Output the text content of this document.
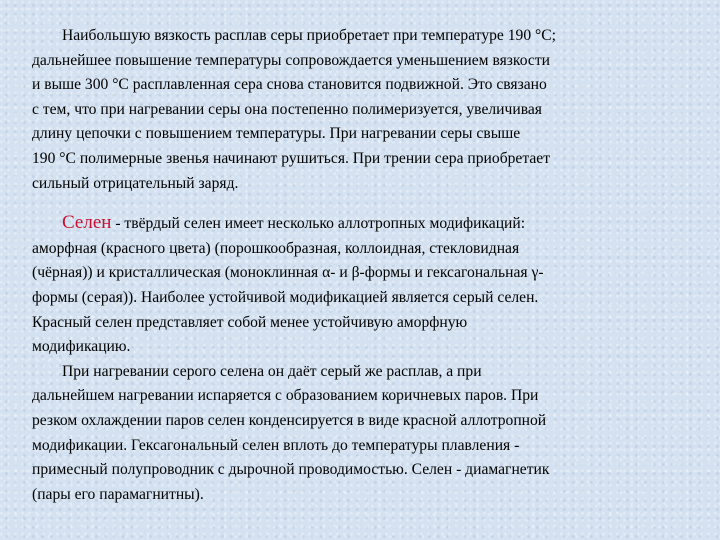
Наибольшую вязкость расплав серы приобретает при температуре 190 °C;
дальнейшее повышение температуры сопровождается уменьшением вязкости
и выше 300 °C расплавленная сера снова становится подвижной. Это связано
с тем, что при нагревании серы она постепенно полимеризуется, увеличивая
длину цепочки с повышением температуры. При нагревании серы свыше
190 °C полимерные звенья начинают рушиться. При трении сера приобретает
сильный отрицательный заряд.

Селен - твёрдый селен имеет несколько аллотропных модификаций:
аморфная (красного цвета) (порошкообразная, коллоидная, стекловидная
(чёрная)) и кристаллическая (моноклинная α- и β-формы и гексагональная γ-
формы (серая)). Наиболее устойчивой модификацией является серый селен.
Красный селен представляет собой менее устойчивую аморфную
модификацию.

При нагревании серого селена он даёт серый же расплав, а при
дальнейшем нагревании испаряется с образованием коричневых паров. При
резком охлаждении паров селен конденсируется в виде красной аллотропной
модификации. Гексагональный селен вплоть до температуры плавления -
примесный полупроводник с дырочной проводимостью. Селен - диамагнетик
(пары его парамагнитны).
